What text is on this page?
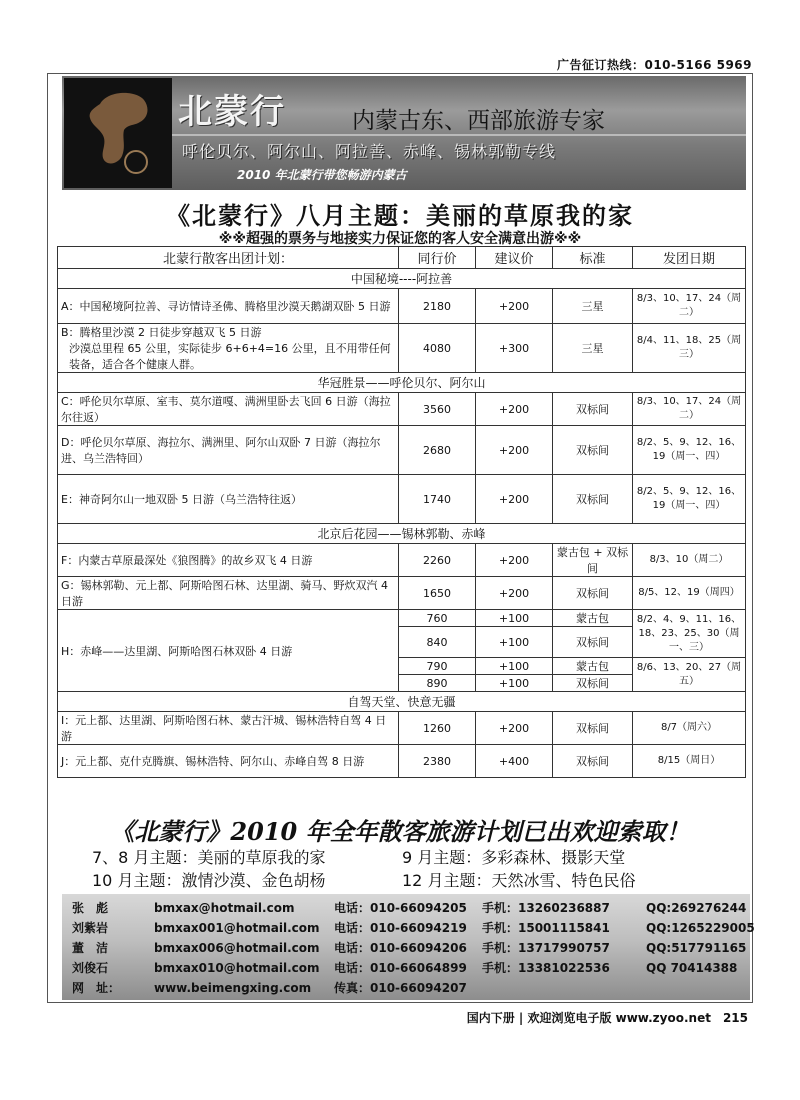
广告征订热线：010-5166 5969
北蒙行	内蒙古东、西部旅游专家
呼伦贝尔、阿尔山、阿拉善、赤峰、锡林郭勒专线
2010 年北蒙行带您畅游内蒙古
《北蒙行》八月主题：美丽的草原我的家
※※超强的票务与地接实力保证您的客人安全满意出游※※
北蒙行散客出团计划：	同行价	建议价	标准	发团日期
中国秘境----阿拉善				
A：中国秘境阿拉善、寻访情诗圣佛、腾格里沙漠天鹅湖双卧 5 日游	2180	+200	三星	8/3、10、17、24（周二）

B：腾格里沙漠 2 日徒步穿越双飞 5 日游
沙漠总里程 65 公里，实际徒步 6+6+4=16 公里，且不用带任何装备，适合各个健康人群。	4080	+300	三星	8/4、11、18、25（周三）
华冠胜景——呼伦贝尔、阿尔山				
C：呼伦贝尔草原、室韦、莫尔道嘎、满洲里卧去飞回 6 日游（海拉尔往返）	3560	+200	双标间	8/3、10、17、24（周二）
D：呼伦贝尔草原、海拉尔、满洲里、阿尔山双卧 7 日游（海拉尔进、乌兰浩特回）	2680	+200	双标间	8/2、5、9、12、16、19（周一、四）
E：神奇阿尔山一地双卧 5 日游（乌兰浩特往返）	1740	+200	双标间	8/2、5、9、12、16、19（周一、四）
北京后花园——锡林郭勒、赤峰				
F：内蒙古草原最深处《狼图腾》的故乡双飞 4 日游	2260	+200	蒙古包 + 双标间	8/3、10（周二）
G：锡林郭勒、元上都、阿斯哈图石林、达里湖、骑马、野炊双汽 4 日游	1650	+200	双标间	8/5、12、19（周四）
H：赤峰——达里湖、阿斯哈图石林双卧 4 日游	760	+100	蒙古包	8/2、4、9、11、16、18、23、25、30（周一、三）
	840	+100	双标间	
	790	+100	蒙古包	8/6、13、20、27（周五）
	890	+100	双标间	
自驾天堂、快意无疆				
I：元上都、达里湖、阿斯哈图石林、蒙古汗城、锡林浩特自驾 4 日游	1260	+200	双标间	8/7（周六）
J：元上都、克什克腾旗、锡林浩特、阿尔山、赤峰自驾 8 日游	2380	+400	双标间	8/15（周日）
《北蒙行》2010 年全年散客旅游计划已出欢迎索取！
7、8 月主题：美丽的草原我的家	9 月主题：多彩森林、摄影天堂
10 月主题：激情沙漠、金色胡杨	12 月主题：天然冰雪、特色民俗
张　彪	bmxax@hotmail.com	电话：010-66094205	手机：13260236887	QQ:269276244
刘紫岩	bmxax001@hotmail.com	电话：010-66094219	手机：15001115841	QQ:1265229005
董　洁	bmxax006@hotmail.com	电话：010-66094206	手机：13717990757	QQ:517791165
刘俊石	bmxax010@hotmail.com	电话：010-66064899	手机：13381022536	QQ 70414388
网　址：	www.beimengxing.com	传真：010-66094207
国内下册 | 欢迎浏览电子版 www.zyoo.net　215
